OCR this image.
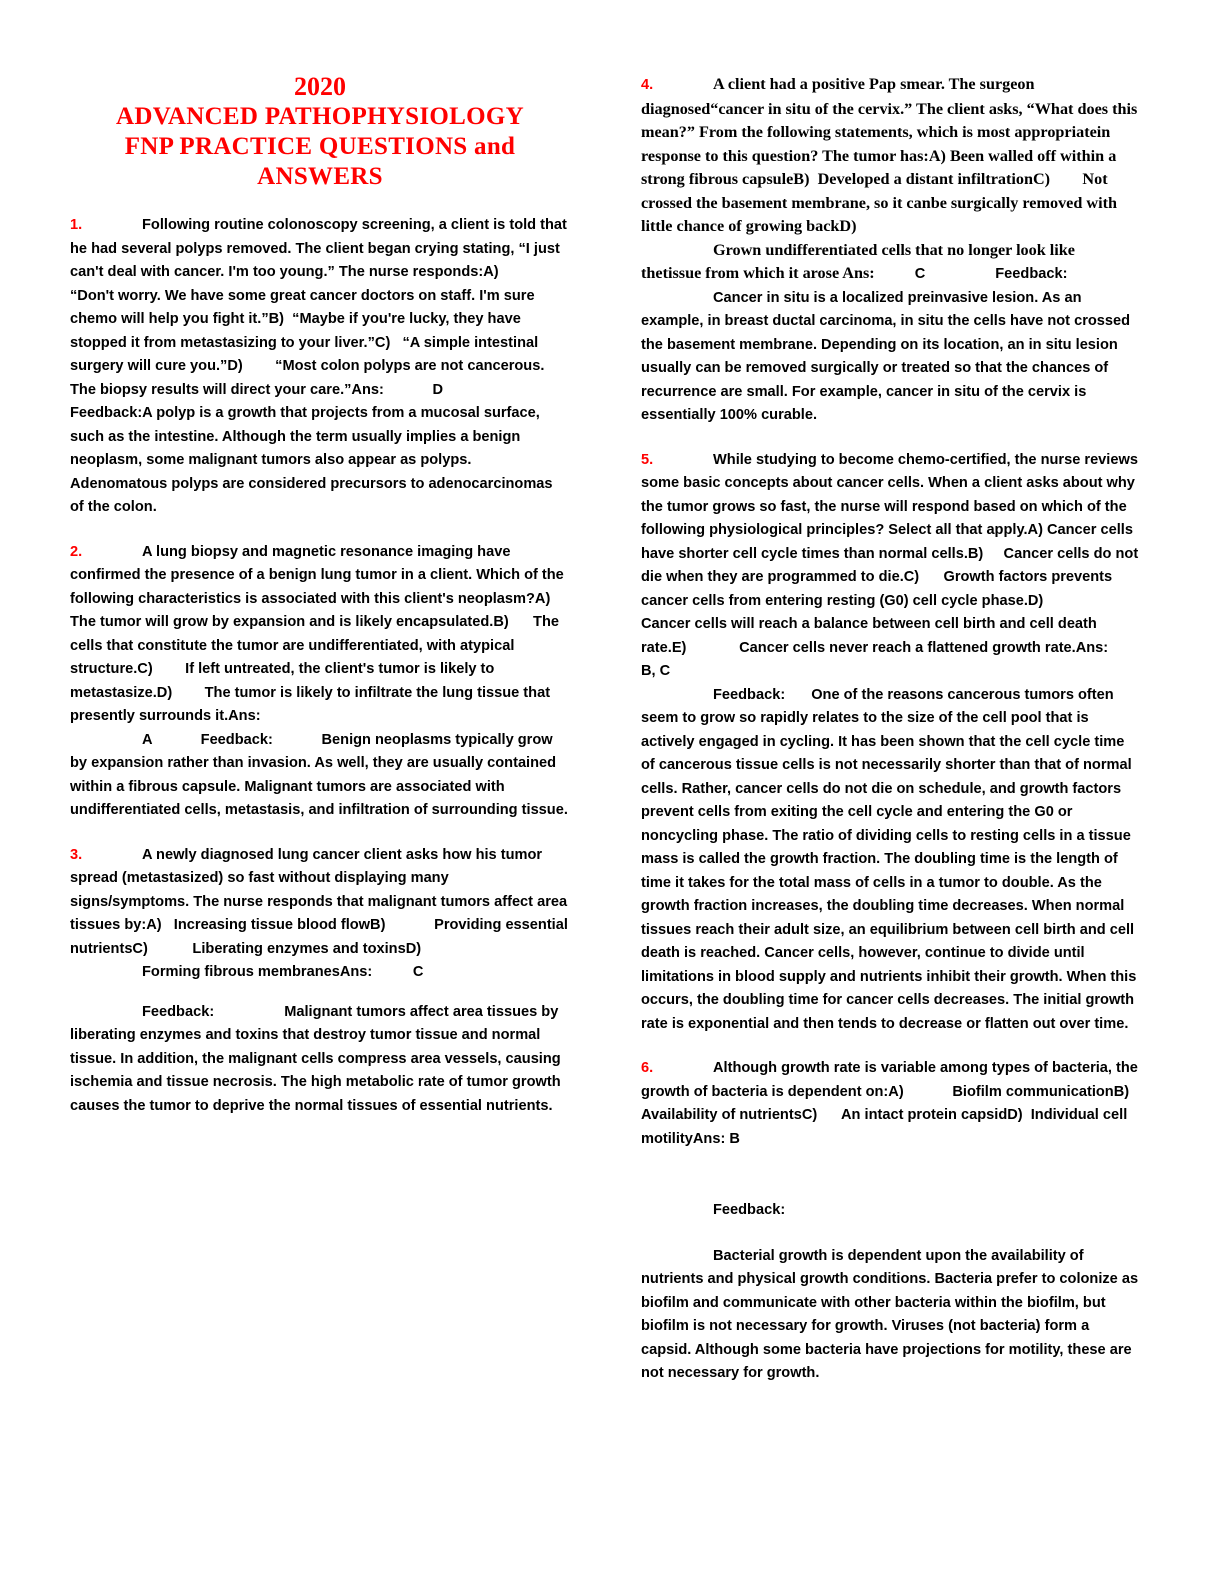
2020
ADVANCED PATHOPHYSIOLOGY
FNP PRACTICE QUESTIONS and
ANSWERS
1.	Following routine colonoscopy screening, a client is told that he had several polyps removed. The client began crying stating, “I just can't deal with cancer. I'm too young.” The nurse responds:A)        “Don't worry. We have some great cancer doctors on staff. I'm sure chemo will help you fight it.”B)  “Maybe if you're lucky, they have stopped it from metastasizing to your liver.”C)   “A simple intestinal surgery will cure you.”D)        “Most colon polyps are not cancerous. The biopsy results will direct your care.”Ans:            D            Feedback:A polyp is a growth that projects from a mucosal surface, such as the intestine. Although the term usually implies a benign neoplasm, some malignant tumors also appear as polyps. Adenomatous polyps are considered precursors to adenocarcinomas of the colon.
2.	A lung biopsy and magnetic resonance imaging have confirmed the presence of a benign lung tumor in a client. Which of the following characteristics is associated with this client's neoplasm?A)        The tumor will grow by expansion and is likely encapsulated.B)      The cells that constitute the tumor are undifferentiated, with atypical structure.C)        If left untreated, the client's tumor is likely to metastasize.D)        The tumor is likely to infiltrate the lung tissue that presently surrounds it.Ans:
A            Feedback:            Benign neoplasms typically grow by expansion rather than invasion. As well, they are usually contained within a fibrous capsule. Malignant tumors are associated with undifferentiated cells, metastasis, and infiltration of surrounding tissue.
3.	A newly diagnosed lung cancer client asks how his tumor spread (metastasized) so fast without displaying many signs/symptoms. The nurse responds that malignant tumors affect area tissues by:A)   Increasing tissue blood flowB)            Providing essential nutrientsC)           Liberating enzymes and toxinsD)
Forming fibrous membranesAns:          C
Feedback:	Malignant tumors affect area tissues by liberating enzymes and toxins that destroy tumor tissue and normal tissue. In addition, the malignant cells compress area vessels, causing ischemia and tissue necrosis. The high metabolic rate of tumor growth causes the tumor to deprive the normal tissues of essential nutrients.
4.	A client had a positive Pap smear. The surgeon diagnosed“cancer in situ of the cervix.” The client asks, “What does this mean?” From the following statements, which is most appropriatein response to this question? The tumor has:A) Been walled off within a strong fibrous capsuleB)  Developed a distant infiltrationC)        Not crossed the basement membrane, so it canbe surgically removed with little chance of growing backD)
Grown undifferentiated cells that no longer look like
thetissue from which it arose Ans:	C	Feedback:
Cancer in situ is a localized preinvasive lesion. As an example, in breast ductal carcinoma, in situ the cells have not crossed the basement membrane. Depending on its location, an in situ lesion usually can be removed surgically or treated so that the chances of recurrence are small. For example, cancer in situ of the cervix is essentially 100% curable.
5.	While studying to become chemo-certified, the nurse reviews some basic concepts about cancer cells. When a client asks about why the tumor grows so fast, the nurse will respond based on which of the following physiological principles? Select all that apply.A) Cancer cells have shorter cell cycle times than normal cells.B)     Cancer cells do not die when they are programmed to die.C)      Growth factors prevents cancer cells from entering resting (G0) cell cycle phase.D)            Cancer cells will reach a balance between cell birth and cell death rate.E)             Cancer cells never reach a flattened growth rate.Ans:     B, C
Feedback: One of the reasons cancerous tumors often seem to grow so rapidly relates to the size of the cell pool that is actively engaged in cycling. It has been shown that the cell cycle time of cancerous tissue cells is not necessarily shorter than that of normal cells. Rather, cancer cells do not die on schedule, and growth factors prevent cells from exiting the cell cycle and entering the G0 or noncycling phase. The ratio of dividing cells to resting cells in a tissue mass is called the growth fraction. The doubling time is the length of time it takes for the total mass of cells in a tumor to double. As the growth fraction increases, the doubling time decreases. When normal tissues reach their adult size, an equilibrium between cell birth and cell death is reached. Cancer cells, however, continue to divide until limitations in blood supply and nutrients inhibit their growth. When this occurs, the doubling time for cancer cells decreases. The initial growth rate is exponential and then tends to decrease or flatten out over time.
6.	Although growth rate is variable among types of bacteria, the growth of bacteria is dependent on:A)            Biofilm communicationB)  Availability of nutrientsC)      An intact protein capsidD)  Individual cell motilityAns: B
Feedback:
Bacterial growth is dependent upon the availability of nutrients and physical growth conditions. Bacteria prefer to colonize as biofilm and communicate with other bacteria within the biofilm, but biofilm is not necessary for growth. Viruses (not bacteria) form a capsid. Although some bacteria have projections for motility, these are not necessary for growth.
